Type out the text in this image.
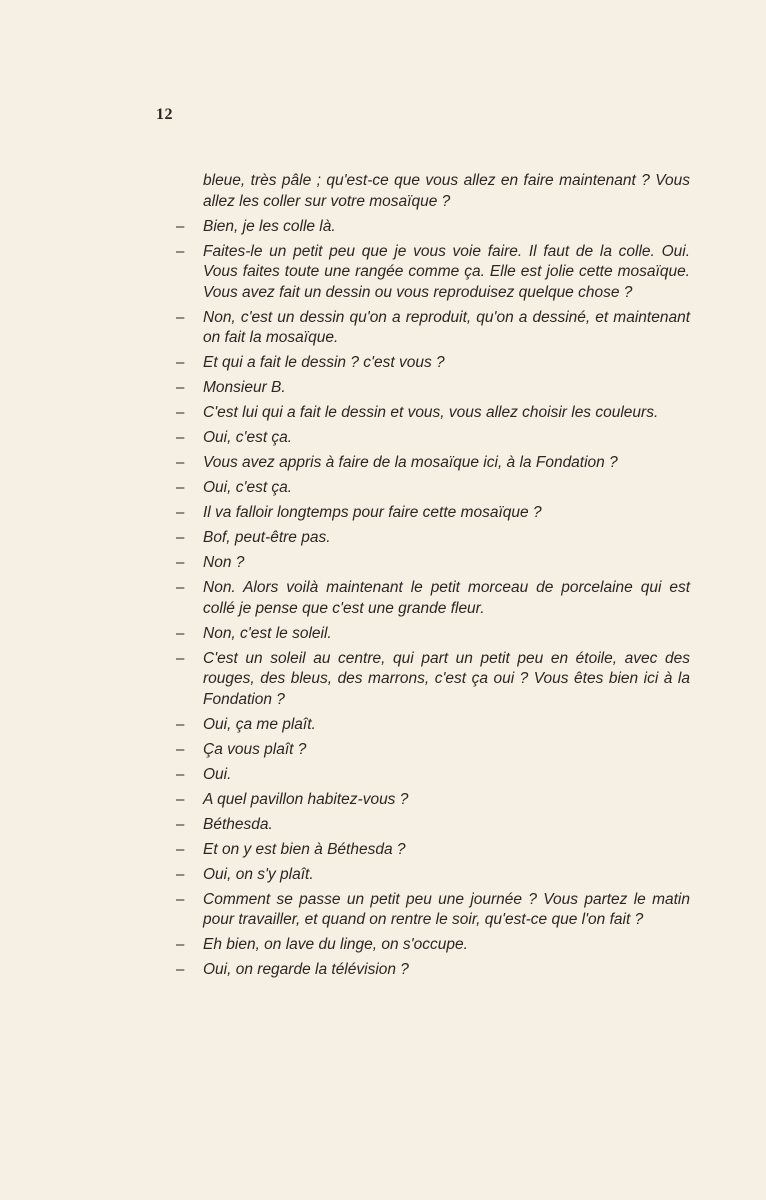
12
bleue, très pâle ; qu'est-ce que vous allez en faire maintenant ? Vous allez les coller sur votre mosaïque ?
– Bien, je les colle là.
– Faites-le un petit peu que je vous voie faire. Il faut de la colle. Oui. Vous faites toute une rangée comme ça. Elle est jolie cette mosaïque. Vous avez fait un dessin ou vous reproduisez quelque chose ?
– Non, c'est un dessin qu'on a reproduit, qu'on a dessiné, et maintenant on fait la mosaïque.
– Et qui a fait le dessin ? c'est vous ?
– Monsieur B.
– C'est lui qui a fait le dessin et vous, vous allez choisir les couleurs.
– Oui, c'est ça.
– Vous avez appris à faire de la mosaïque ici, à la Fondation ?
– Oui, c'est ça.
– Il va falloir longtemps pour faire cette mosaïque ?
– Bof, peut-être pas.
– Non ?
– Non. Alors voilà maintenant le petit morceau de porcelaine qui est collé je pense que c'est une grande fleur.
– Non, c'est le soleil.
– C'est un soleil au centre, qui part un petit peu en étoile, avec des rouges, des bleus, des marrons, c'est ça oui ? Vous êtes bien ici à la Fondation ?
– Oui, ça me plaît.
– Ça vous plaît ?
– Oui.
– A quel pavillon habitez-vous ?
– Béthesda.
– Et on y est bien à Béthesda ?
– Oui, on s'y plaît.
– Comment se passe un petit peu une journée ? Vous partez le matin pour travailler, et quand on rentre le soir, qu'est-ce que l'on fait ?
– Eh bien, on lave du linge, on s'occupe.
– Oui, on regarde la télévision ?
